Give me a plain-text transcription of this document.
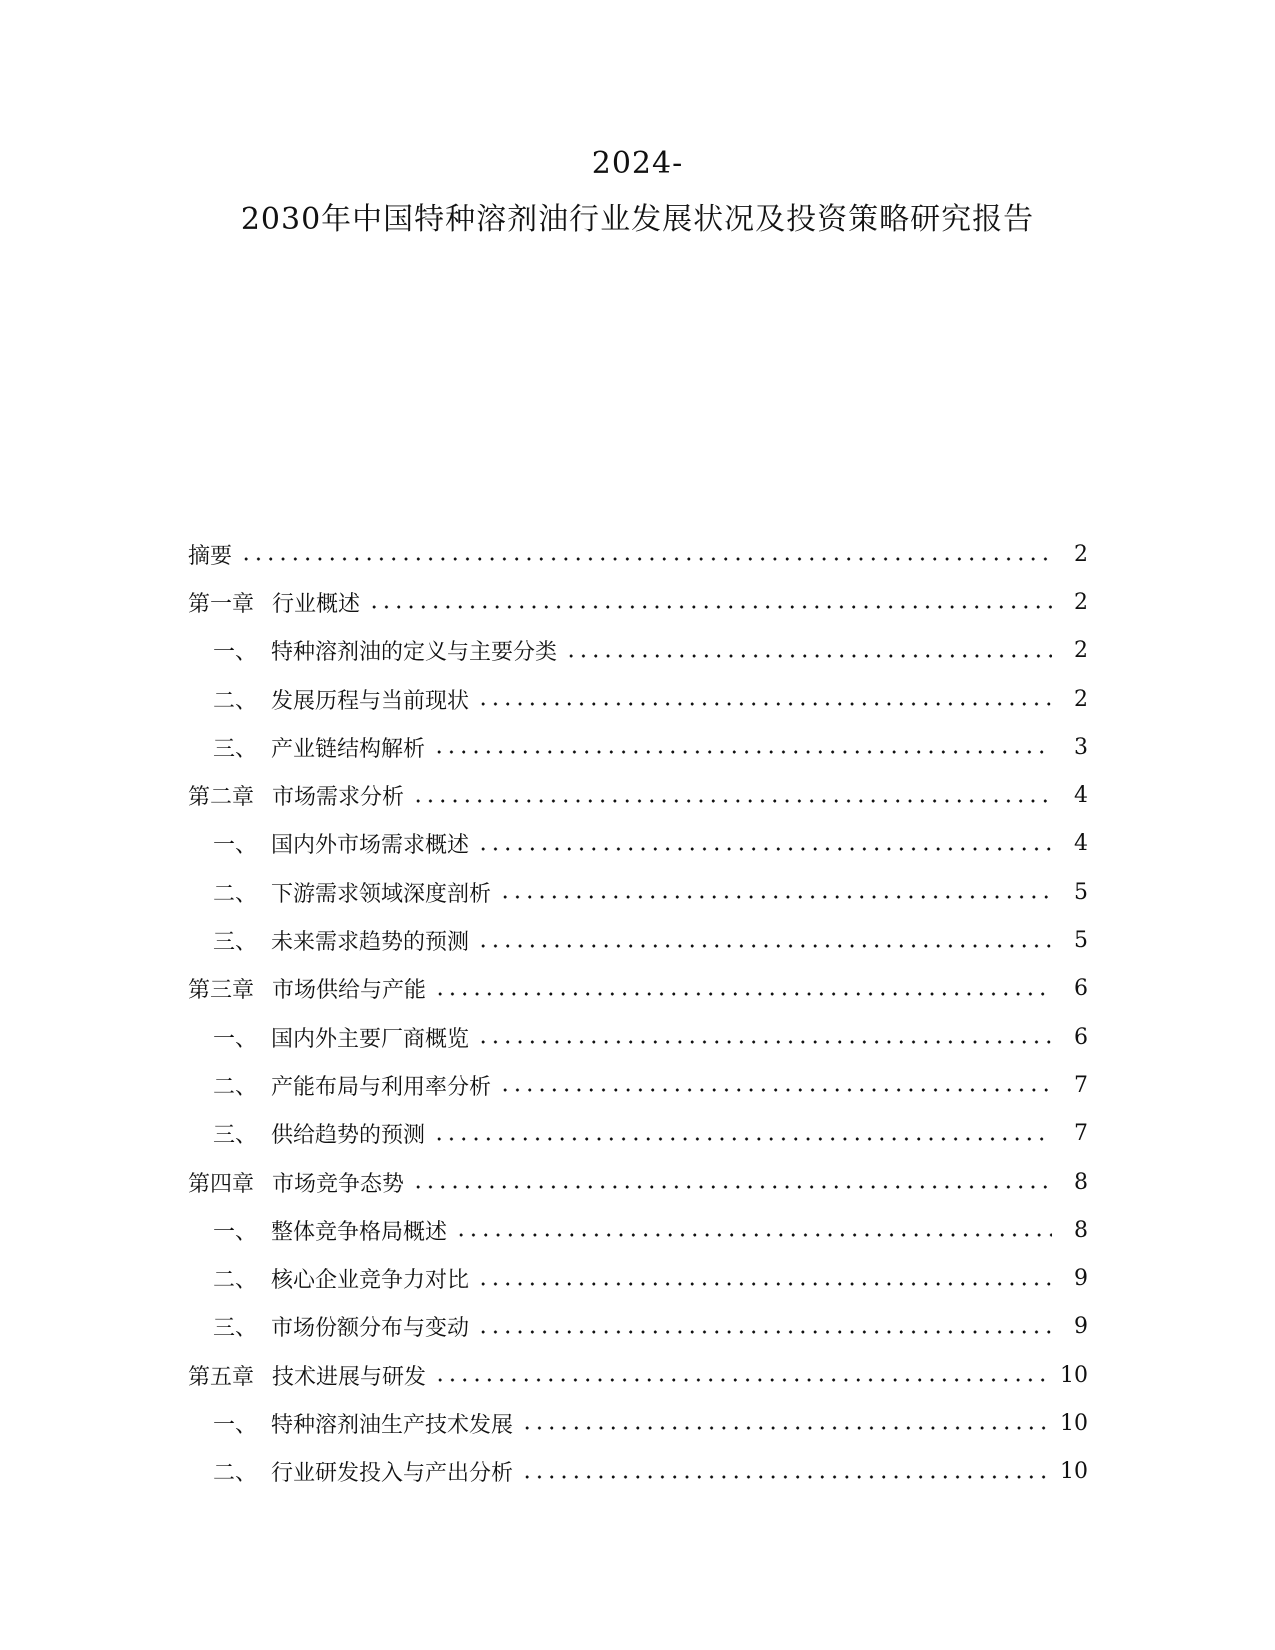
2024-
2030年中国特种溶剂油行业发展状况及投资策略研究报告
摘要	2
第一章 行业概述	2
一、 特种溶剂油的定义与主要分类	2
二、 发展历程与当前现状	2
三、 产业链结构解析	3
第二章 市场需求分析	4
一、 国内外市场需求概述	4
二、 下游需求领域深度剖析	5
三、 未来需求趋势的预测	5
第三章 市场供给与产能	6
一、 国内外主要厂商概览	6
二、 产能布局与利用率分析	7
三、 供给趋势的预测	7
第四章 市场竞争态势	8
一、 整体竞争格局概述	8
二、 核心企业竞争力对比	9
三、 市场份额分布与变动	9
第五章 技术进展与研发	10
一、 特种溶剂油生产技术发展	10
二、 行业研发投入与产出分析	10
